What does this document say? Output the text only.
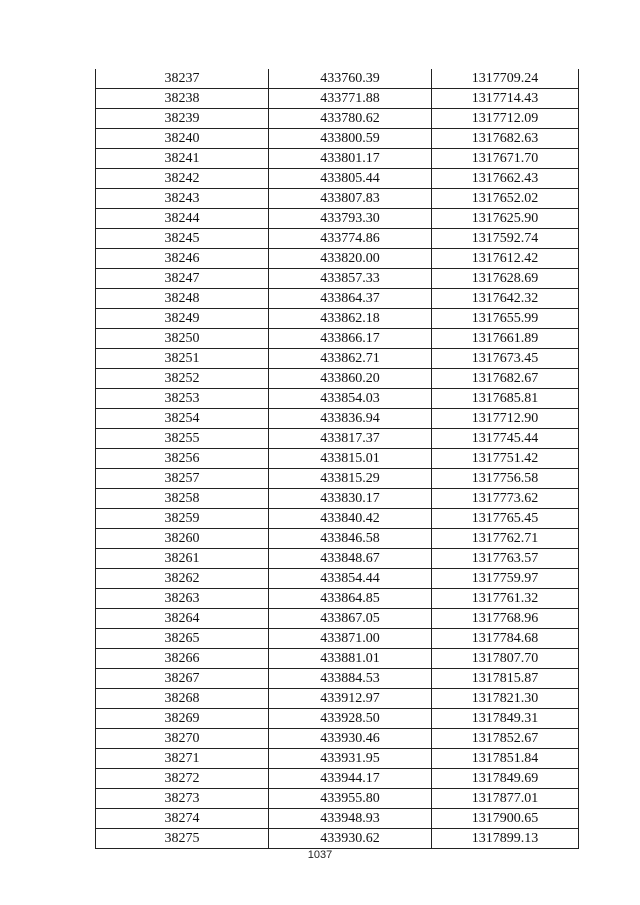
38237	433760.39	1317709.24
38238	433771.88	1317714.43
38239	433780.62	1317712.09
38240	433800.59	1317682.63
38241	433801.17	1317671.70
38242	433805.44	1317662.43
38243	433807.83	1317652.02
38244	433793.30	1317625.90
38245	433774.86	1317592.74
38246	433820.00	1317612.42
38247	433857.33	1317628.69
38248	433864.37	1317642.32
38249	433862.18	1317655.99
38250	433866.17	1317661.89
38251	433862.71	1317673.45
38252	433860.20	1317682.67
38253	433854.03	1317685.81
38254	433836.94	1317712.90
38255	433817.37	1317745.44
38256	433815.01	1317751.42
38257	433815.29	1317756.58
38258	433830.17	1317773.62
38259	433840.42	1317765.45
38260	433846.58	1317762.71
38261	433848.67	1317763.57
38262	433854.44	1317759.97
38263	433864.85	1317761.32
38264	433867.05	1317768.96
38265	433871.00	1317784.68
38266	433881.01	1317807.70
38267	433884.53	1317815.87
38268	433912.97	1317821.30
38269	433928.50	1317849.31
38270	433930.46	1317852.67
38271	433931.95	1317851.84
38272	433944.17	1317849.69
38273	433955.80	1317877.01
38274	433948.93	1317900.65
38275	433930.62	1317899.13
1037
